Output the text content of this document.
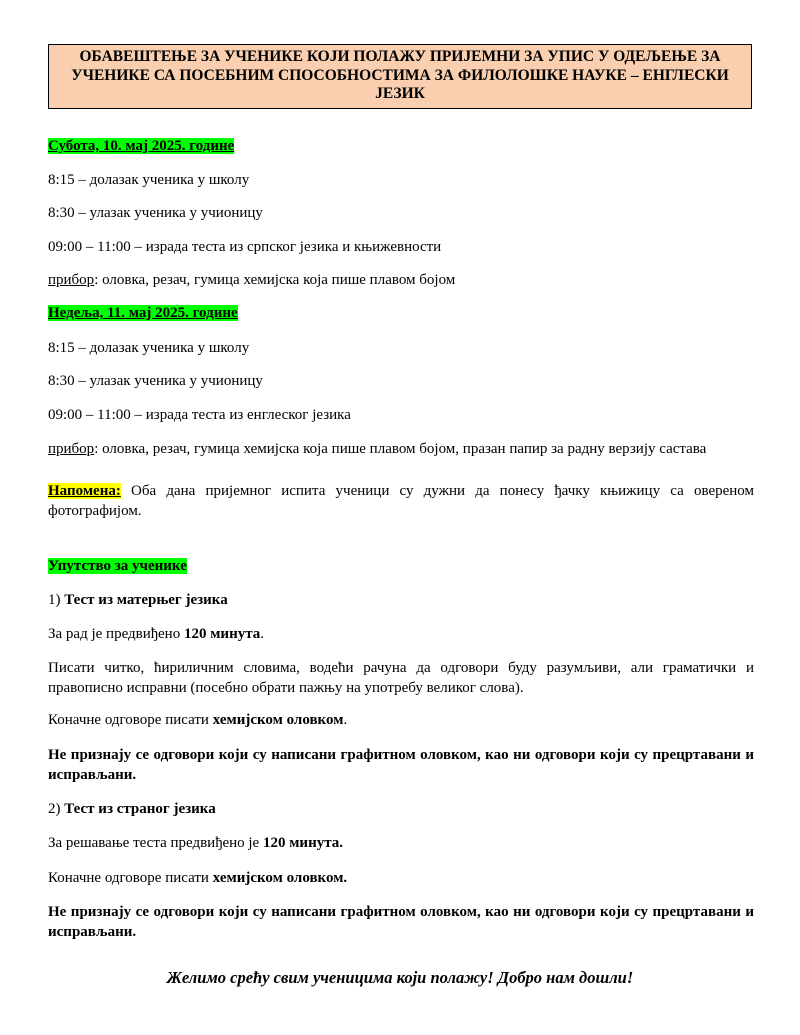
ОБАВЕШТЕЊЕ ЗА УЧЕНИКЕ КОЈИ ПОЛАЖУ ПРИЈЕМНИ ЗА УПИС У ОДЕЉЕЊЕ ЗА
УЧЕНИКЕ СА ПОСЕБНИМ СПОСОБНОСТИМА ЗА ФИЛОЛОШКЕ НАУКЕ – ЕНГЛЕСКИ
ЈЕЗИК
Субота, 10. мај 2025. године
8:15 – долазак ученика у школу
8:30 – улазак ученика у учионицу
09:00 – 11:00 – израда теста из српског језика и књижевности
прибор: оловка, резач, гумица хемијска која пише плавом бојом
Недеља, 11. мај 2025. године
8:15 – долазак ученика у школу
8:30 – улазак ученика у учионицу
09:00 – 11:00 – израда теста из енглеског језика
прибор: оловка, резач, гумица хемијска која пише плавом бојом, празан папир за радну верзију састава
Напомена: Оба дана пријемног испита ученици су дужни да понесу ђачку књижицу са овереном фотографијом.
Упутство за ученике
1) Тест из матерњег језика
За рад је предвиђено 120 минута.
Писати читко, ћириличним словима, водећи рачуна да одговори буду разумљиви, али граматички и правописно исправни (посебно обрати пажњу на употребу великог слова).
Коначне одговоре писати хемијском оловком.
Не признају се одговори који су написани графитном оловком, као ни одговори који су прецртавани и исправљани.
2) Тест из страног језика
За решавање теста предвиђено је 120 минута.
Коначне одговоре писати хемијском оловком.
Не признају се одговори који су написани графитном оловком, као ни одговори који су прецртавани и исправљани.
Желимо срећу свим ученицима који полажу! Добро нам дошли!
